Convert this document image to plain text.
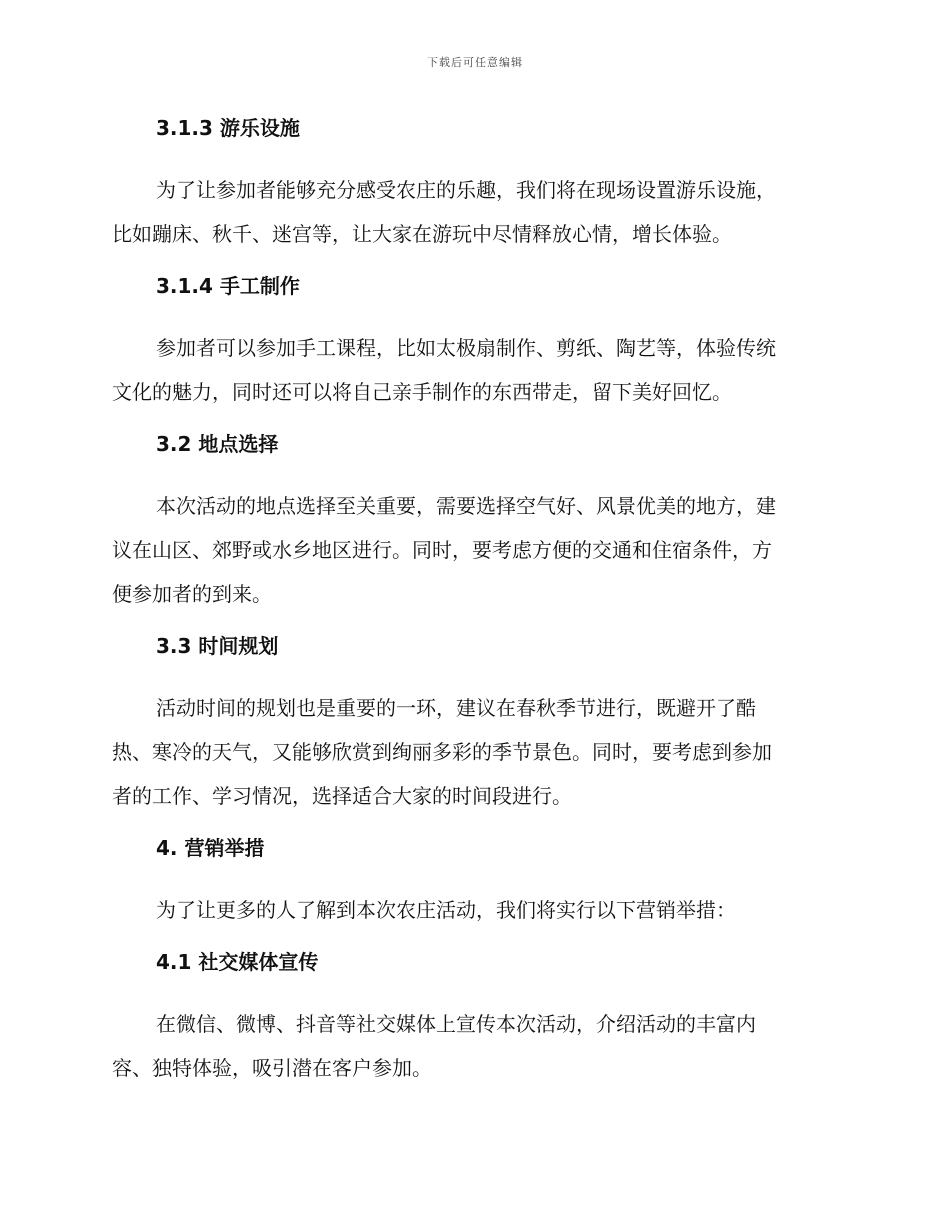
下载后可任意编辑
3.1.3 游乐设施
为了让参加者能够充分感受农庄的乐趣，我们将在现场设置游乐设施，
比如蹦床、秋千、迷宫等，让大家在游玩中尽情释放心情，增长体验。
3.1.4 手工制作
参加者可以参加手工课程，比如太极扇制作、剪纸、陶艺等，体验传统
文化的魅力，同时还可以将自己亲手制作的东西带走，留下美好回忆。
3.2 地点选择
本次活动的地点选择至关重要，需要选择空气好、风景优美的地方，建
议在山区、郊野或水乡地区进行。同时，要考虑方便的交通和住宿条件，方
便参加者的到来。
3.3 时间规划
活动时间的规划也是重要的一环，建议在春秋季节进行，既避开了酷
热、寒冷的天气，又能够欣赏到绚丽多彩的季节景色。同时，要考虑到参加
者的工作、学习情况，选择适合大家的时间段进行。
4. 营销举措
为了让更多的人了解到本次农庄活动，我们将实行以下营销举措：
4.1 社交媒体宣传
在微信、微博、抖音等社交媒体上宣传本次活动，介绍活动的丰富内
容、独特体验，吸引潜在客户参加。
